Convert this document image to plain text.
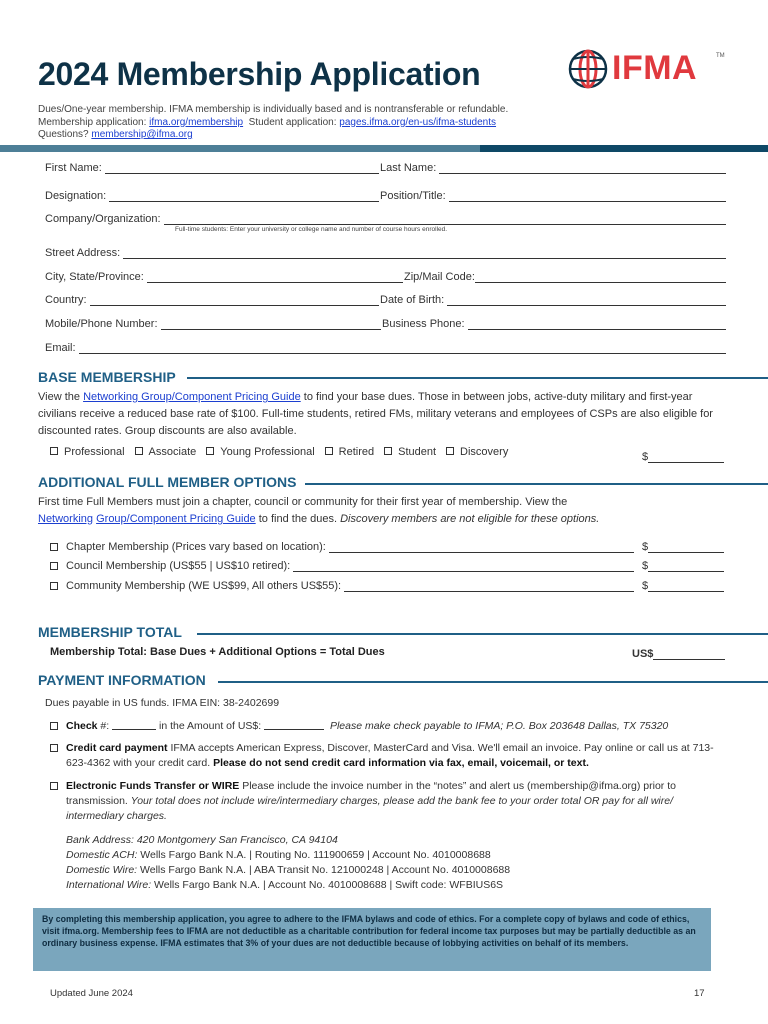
2024 Membership Application	IFMA	TM
Dues/One-year membership. IFMA membership is individually based and is nontransferable or refundable.
Membership application: ifma.org/membership Student application: pages.ifma.org/en-us/ifma-students
Questions? membership@ifma.org
First Name:	Last Name:
Designation:	Position/Title:
Company/Organization:
Full-time students: Enter your university or college name and number of course hours enrolled.
Street Address:
City, State/Province:	Zip/Mail Code:
Country:	Date of Birth:
Mobile/Phone Number:	Business Phone:
Email:
BASE MEMBERSHIP
View the Networking Group/Component Pricing Guide to find your base dues. Those in between jobs, active-duty military and first-year civilians receive a reduced base rate of $100. Full-time students, retired FMs, military veterans and employees of CSPs are also eligible for discounted rates. Group discounts are also available.
Professional	Associate	Young Professional	Retired	Student	Discovery	$
ADDITIONAL FULL MEMBER OPTIONS
First time Full Members must join a chapter, council or community for their first year of membership. View the
Networking Group/Component Pricing Guide to find the dues. Discovery members are not eligible for these options.
Chapter Membership (Prices vary based on location):	$
Council Membership (US$55 | US$10 retired):	$
Community Membership (WE US$99, All others US$55):	$
MEMBERSHIP TOTAL
Membership Total: Base Dues + Additional Options = Total Dues	US$
PAYMENT INFORMATION
Dues payable in US funds. IFMA EIN: 38-2402699
Check #:	in the Amount of US$:	Please make check payable to IFMA; P.O. Box 203648 Dallas, TX 75320
Credit card payment IFMA accepts American Express, Discover, MasterCard and Visa. We'll email an invoice. Pay online or call us at 713-623-4362 with your credit card. Please do not send credit card information via fax, email, voicemail, or text.
Electronic Funds Transfer or WIRE Please include the invoice number in the “notes” and alert us (membership@ifma.org) prior to transmission. Your total does not include wire/intermediary charges, please add the bank fee to your order total OR pay for all wire/ intermediary charges.
Bank Address: 420 Montgomery San Francisco, CA 94104
Domestic ACH: Wells Fargo Bank N.A. | Routing No. 111900659 | Account No. 4010008688
Domestic Wire: Wells Fargo Bank N.A. | ABA Transit No. 121000248 | Account No. 4010008688
International Wire: Wells Fargo Bank N.A. | Account No. 4010008688 | Swift code: WFBIUS6S
By completing this membership application, you agree to adhere to the IFMA bylaws and code of ethics. For a complete copy of bylaws and code of ethics, visit ifma.org. Membership fees to IFMA are not deductible as a charitable contribution for federal income tax purposes but may be partially deductible as an ordinary business expense. IFMA estimates that 3% of your dues are not deductible because of lobbying activities on behalf of its members.
Updated June 2024	17
